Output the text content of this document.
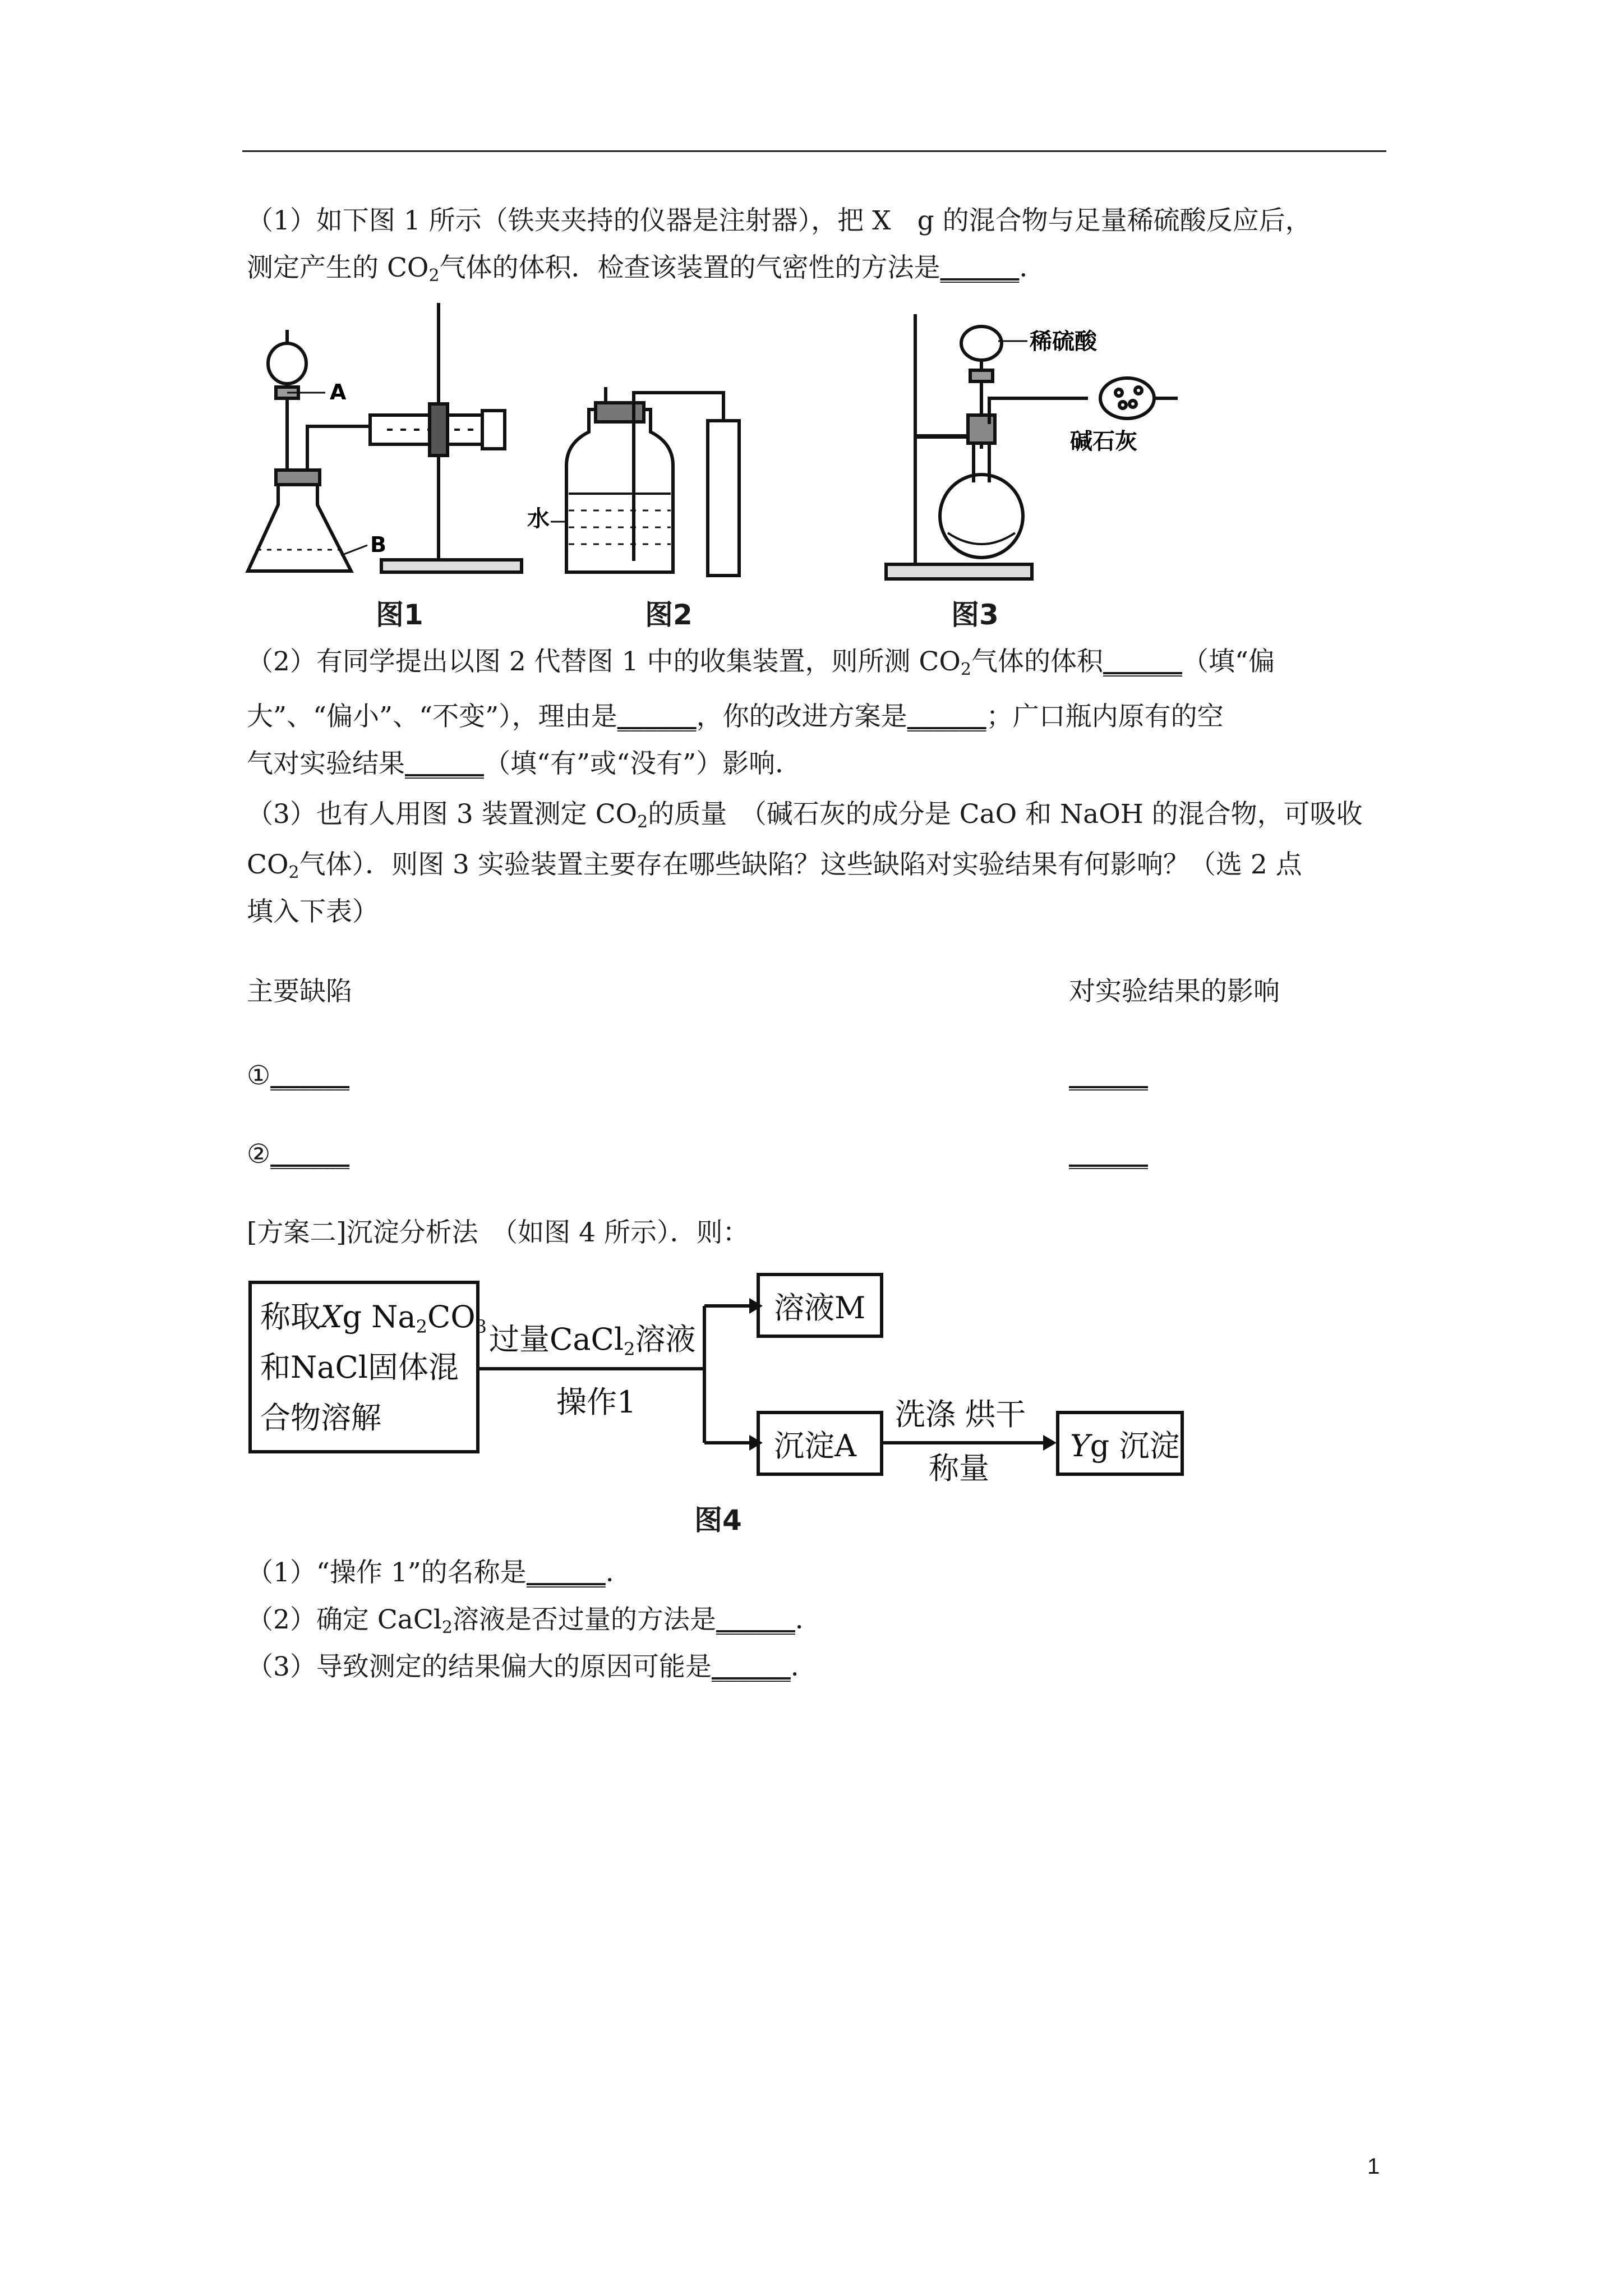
（1）如下图 1 所示（铁夹夹持的仪器是注射器），把 X　g 的混合物与足量稀硫酸反应后，
测定产生的 $CO_2$气体的体积．检查该装置的气密性的方法是______．
A
B
图1
水
图2
稀硫酸
碱石灰
图3
（2）有同学提出以图 2 代替图 1 中的收集装置，则所测 $CO_2$气体的体积______（填“偏
大”、“偏小”、“不变”），理由是______，你的改进方案是______；广口瓶内原有的空
气对实验结果______（填“有”或“没有”）影响．
（3）也有人用图 3 装置测定 $CO_2$的质量　（碱石灰的成分是 CaO 和 NaOH 的混合物，可吸收
$CO_2$气体）．则图 3 实验装置主要存在哪些缺陷？这些缺陷对实验结果有何影响？（选 2 点
填入下表）
主要缺陷	对实验结果的影响
①______	______
②______	______
[方案二]沉淀分析法　（如图 4 所示）．则：
称取Xg Na2CO3
和NaCl固体混
合物溶解
过量CaCl2溶液
操作1
溶液M
沉淀A
洗涤 烘干
称量
Yg 沉淀
图4
（1）“操作 1”的名称是______．
（2）确定 CaCl$_2$溶液是否过量的方法是______．
（3）导致测定的结果偏大的原因可能是______．
1
